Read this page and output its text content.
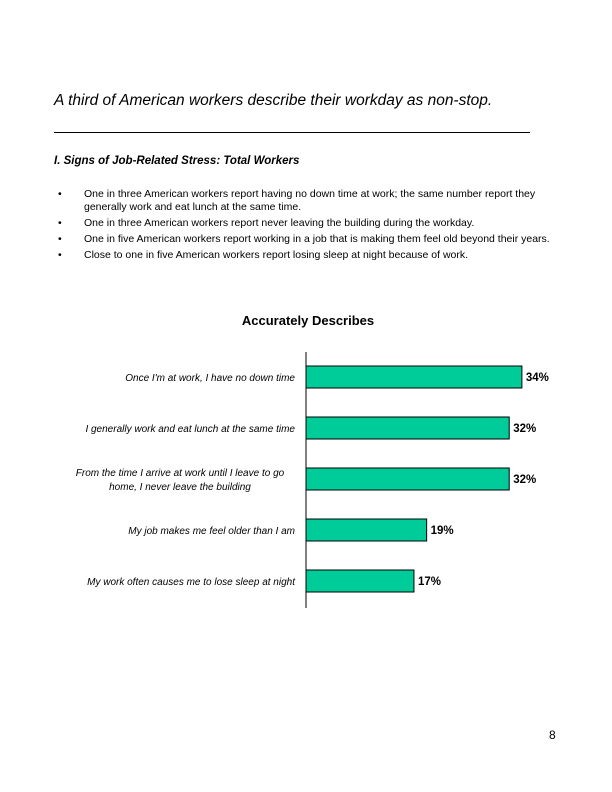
A third of American workers describe their workday as non-stop.
I. Signs of Job-Related Stress: Total Workers
• One in three American workers report having no down time at work; the same number report they generally work and eat lunch at the same time.
• One in three American workers report never leaving the building during the workday.
• One in five American workers report working in a job that is making them feel old beyond their years.
• Close to one in five American workers report losing sleep at night because of work.
Accurately Describes
34%
Once I'm at work, I have no down time
32%
I generally work and eat lunch at the same time
32%
From the time I arrive at work until I leave to go
home, I never leave the building
19%
My job makes me feel older than I am
17%
My work often causes me to lose sleep at night
8
